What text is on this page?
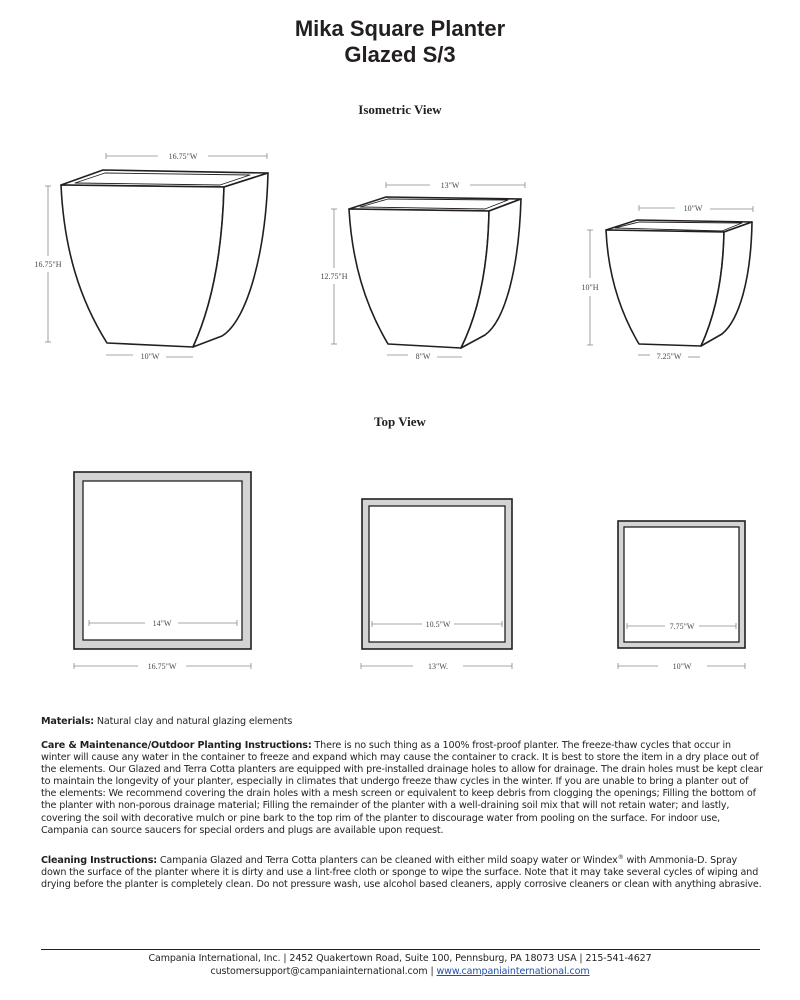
Mika Square Planter
Glazed S/3
Isometric View
Top View
16.75"W
16.75"H
10"W
13"W
12.75"H
8"W
10"W
10"H
7.25"W
14"W
16.75"W
10.5"W
13"W.
7.75"W
10"W
Materials: Natural clay and natural glazing elements
Care & Maintenance/Outdoor Planting Instructions: There is no such thing as a 100% frost-proof planter. The freeze-thaw cycles that occur in winter will cause any water in the container to freeze and expand which may cause the container to crack. It is best to store the item in a dry place out of the elements. Our Glazed and Terra Cotta planters are equipped with pre-installed drainage holes to allow for drainage. The drain holes must be kept clear to maintain the longevity of your planter, especially in climates that undergo freeze thaw cycles in the winter. If you are unable to bring a planter out of the elements: We recommend covering the drain holes with a mesh screen or equivalent to keep debris from clogging the openings; Filling the bottom of the planter with non-porous drainage material; Filling the remainder of the planter with a well-draining soil mix that will not retain water; and lastly, covering the soil with decorative mulch or pine bark to the top rim of the planter to discourage water from pooling on the surface. For indoor use, Campania can source saucers for special orders and plugs are available upon request.
Cleaning Instructions: Campania Glazed and Terra Cotta planters can be cleaned with either mild soapy water or Windex® with Ammonia-D. Spray down the surface of the planter where it is dirty and use a lint-free cloth or sponge to wipe the surface. Note that it may take several cycles of wiping and drying before the planter is completely clean. Do not pressure wash, use alcohol based cleaners, apply corrosive cleaners or clean with anything abrasive.
Campania International, Inc. | 2452 Quakertown Road, Suite 100, Pennsburg, PA 18073 USA | 215-541-4627
customersupport@campaniainternational.com | www.campaniainternational.com
